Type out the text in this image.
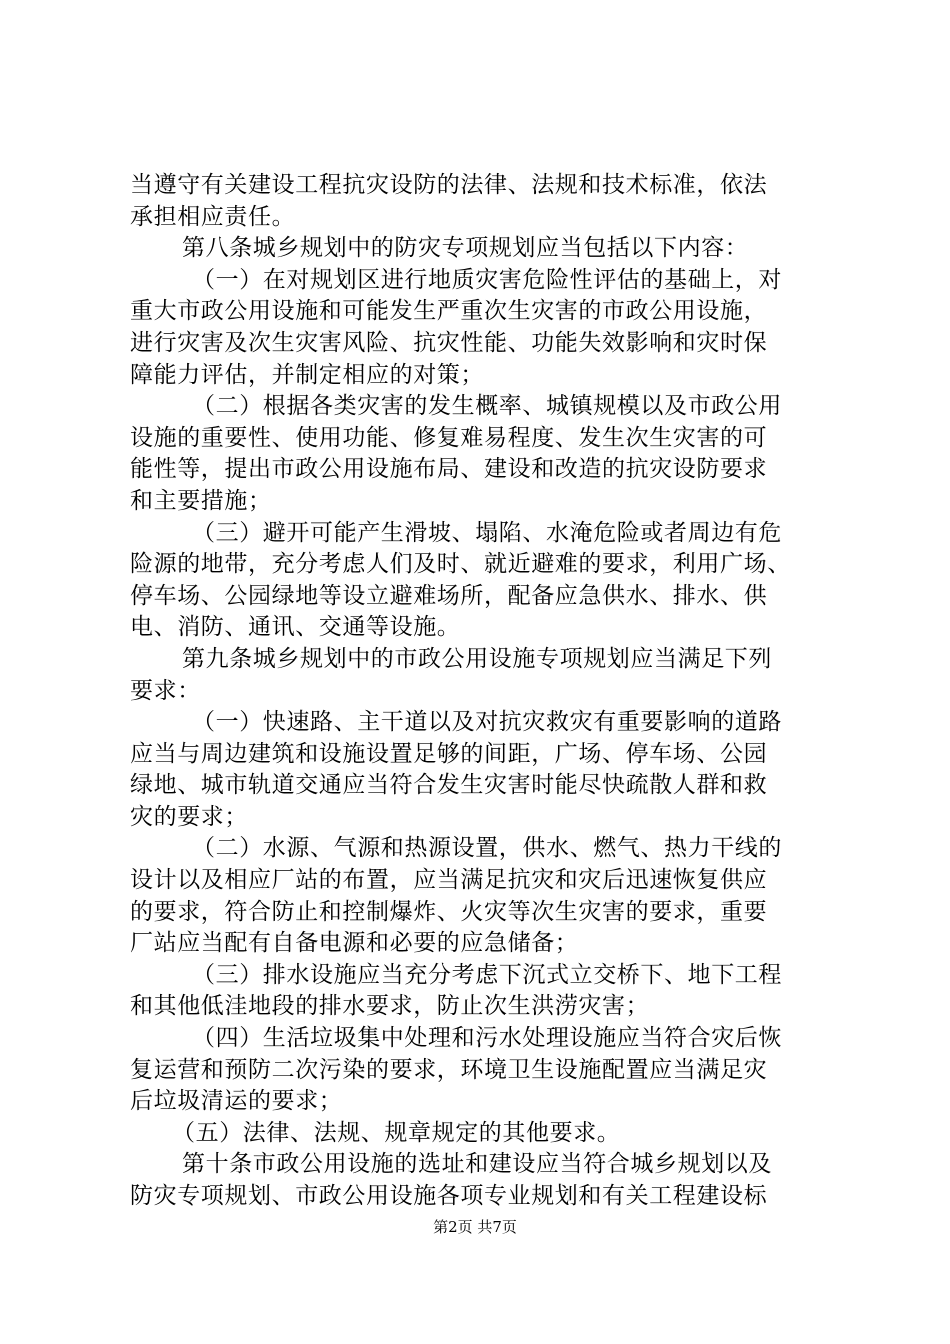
当遵守有关建设工程抗灾设防的法律、法规和技术标准，依法
承担相应责任。
第八条城乡规划中的防灾专项规划应当包括以下内容：
（一）在对规划区进行地质灾害危险性评估的基础上，对
重大市政公用设施和可能发生严重次生灾害的市政公用设施，
进行灾害及次生灾害风险、抗灾性能、功能失效影响和灾时保
障能力评估，并制定相应的对策；
（二）根据各类灾害的发生概率、城镇规模以及市政公用
设施的重要性、使用功能、修复难易程度、发生次生灾害的可
能性等，提出市政公用设施布局、建设和改造的抗灾设防要求
和主要措施；
（三）避开可能产生滑坡、塌陷、水淹危险或者周边有危
险源的地带，充分考虑人们及时、就近避难的要求，利用广场、
停车场、公园绿地等设立避难场所，配备应急供水、排水、供
电、消防、通讯、交通等设施。
第九条城乡规划中的市政公用设施专项规划应当满足下列
要求：
（一）快速路、主干道以及对抗灾救灾有重要影响的道路
应当与周边建筑和设施设置足够的间距，广场、停车场、公园
绿地、城市轨道交通应当符合发生灾害时能尽快疏散人群和救
灾的要求；
（二）水源、气源和热源设置，供水、燃气、热力干线的
设计以及相应厂站的布置，应当满足抗灾和灾后迅速恢复供应
的要求，符合防止和控制爆炸、火灾等次生灾害的要求，重要
厂站应当配有自备电源和必要的应急储备；
（三）排水设施应当充分考虑下沉式立交桥下、地下工程
和其他低洼地段的排水要求，防止次生洪涝灾害；
（四）生活垃圾集中处理和污水处理设施应当符合灾后恢
复运营和预防二次污染的要求，环境卫生设施配置应当满足灾
后垃圾清运的要求；
（五）法律、法规、规章规定的其他要求。
第十条市政公用设施的选址和建设应当符合城乡规划以及
防灾专项规划、市政公用设施各项专业规划和有关工程建设标
第2页 共7页
